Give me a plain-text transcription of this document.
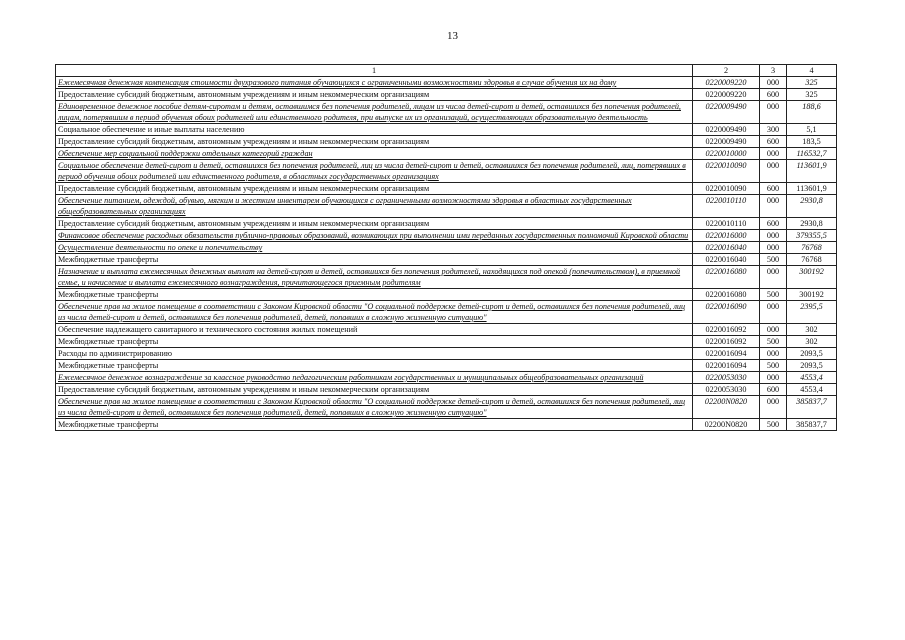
13
1	2	3	4
Ежемесячная денежная компенсация стоимости двухразового питания обучающихся с ограниченными возможностями здоровья в случае обучения их на дому	0220009220	000	325
Предоставление субсидий бюджетным, автономным учреждениям и иным некоммерческим организациям	0220009220	600	325
Единовременное денежное пособие детям-сиротам и детям, оставшимся без попечения родителей, лицам из числа детей-сирот и детей, оставшихся без попечения родителей, лицам, потерявшим в период обучения обоих родителей или единственного родителя, при выпуске их из организаций, осуществляющих образовательную деятельность	0220009490	000	188,6
Социальное обеспечение и иные выплаты населению	0220009490	300	5,1
Предоставление субсидий бюджетным, автономным учреждениям и иным некоммерческим организациям	0220009490	600	183,5
Обеспечение мер социальной поддержки отдельных категорий граждан	0220010000	000	116532,7
Социальное обеспечение детей-сирот и детей, оставшихся без попечения родителей, лиц из числа детей-сирот и детей, оставшихся без попечения родителей, лиц, потерявших в период обучения обоих родителей или единственного родителя, в областных государственных организациях	0220010090	000	113601,9
Предоставление субсидий бюджетным, автономным учреждениям и иным некоммерческим организациям	0220010090	600	113601,9
Обеспечение питанием, одеждой, обувью, мягким и жестким инвентарем обучающихся с ограниченными возможностями здоровья в областных государственных общеобразовательных организациях	0220010110	000	2930,8
Предоставление субсидий бюджетным, автономным учреждениям и иным некоммерческим организациям	0220010110	600	2930,8
Финансовое обеспечение расходных обязательств публично-правовых образований, возникающих при выполнении ими переданных государственных полномочий Кировской области	0220016000	000	379355,5
Осуществление деятельности по опеке и попечительству	0220016040	000	76768
Межбюджетные трансферты	0220016040	500	76768
Назначение и выплата ежемесячных денежных выплат на детей-сирот и детей, оставшихся без попечения родителей, находящихся под опекой (попечительством), в приемной семье, и начисление и выплата ежемесячного вознаграждения, причитающегося приемным родителям	0220016080	000	300192
Межбюджетные трансферты	0220016080	500	300192
Обеспечение прав на жилое помещение в соответствии с Законом Кировской области "О социальной поддержке детей-сирот и детей, оставшихся без попечения родителей, лиц из числа детей-сирот и детей, оставшихся без попечения родителей, детей, попавших в сложную жизненную ситуацию"	0220016090	000	2395,5
Обеспечение надлежащего санитарного и технического состояния жилых помещений	0220016092	000	302
Межбюджетные трансферты	0220016092	500	302
Расходы по администрированию	0220016094	000	2093,5
Межбюджетные трансферты	0220016094	500	2093,5
Ежемесячное денежное вознаграждение за классное руководство педагогическим работникам государственных и муниципальных общеобразовательных организаций	0220053030	000	4553,4
Предоставление субсидий бюджетным, автономным учреждениям и иным некоммерческим организациям	0220053030	600	4553,4
Обеспечение прав на жилое помещение в соответствии с Законом Кировской области "О социальной поддержке детей-сирот и детей, оставшихся без попечения родителей, лиц из числа детей-сирот и детей, оставшихся без попечения родителей, детей, попавших в сложную жизненную ситуацию"	02200N0820	000	385837,7
Межбюджетные трансферты	02200N0820	500	385837,7
